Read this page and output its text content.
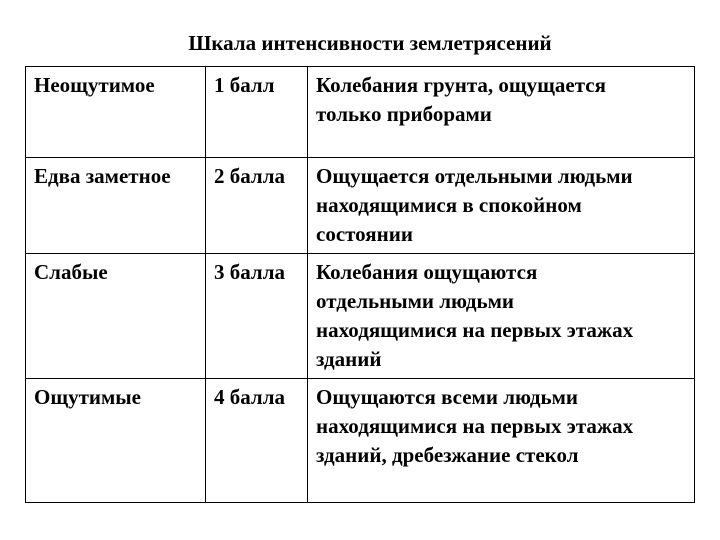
Шкала интенсивности землетрясений
Неощутимое	1 балл	Колебания грунта, ощущается
только приборами

Едва заметное	2 балла	Ощущается отдельными людьми
находящимися в спокойном
состоянии

Слабые	3 балла	Колебания ощущаются
отдельными людьми
находящимися на первых этажах
зданий

Ощутимые	4 балла	Ощущаются всеми людьми
находящимися на первых этажах
зданий, дребезжание стекол
